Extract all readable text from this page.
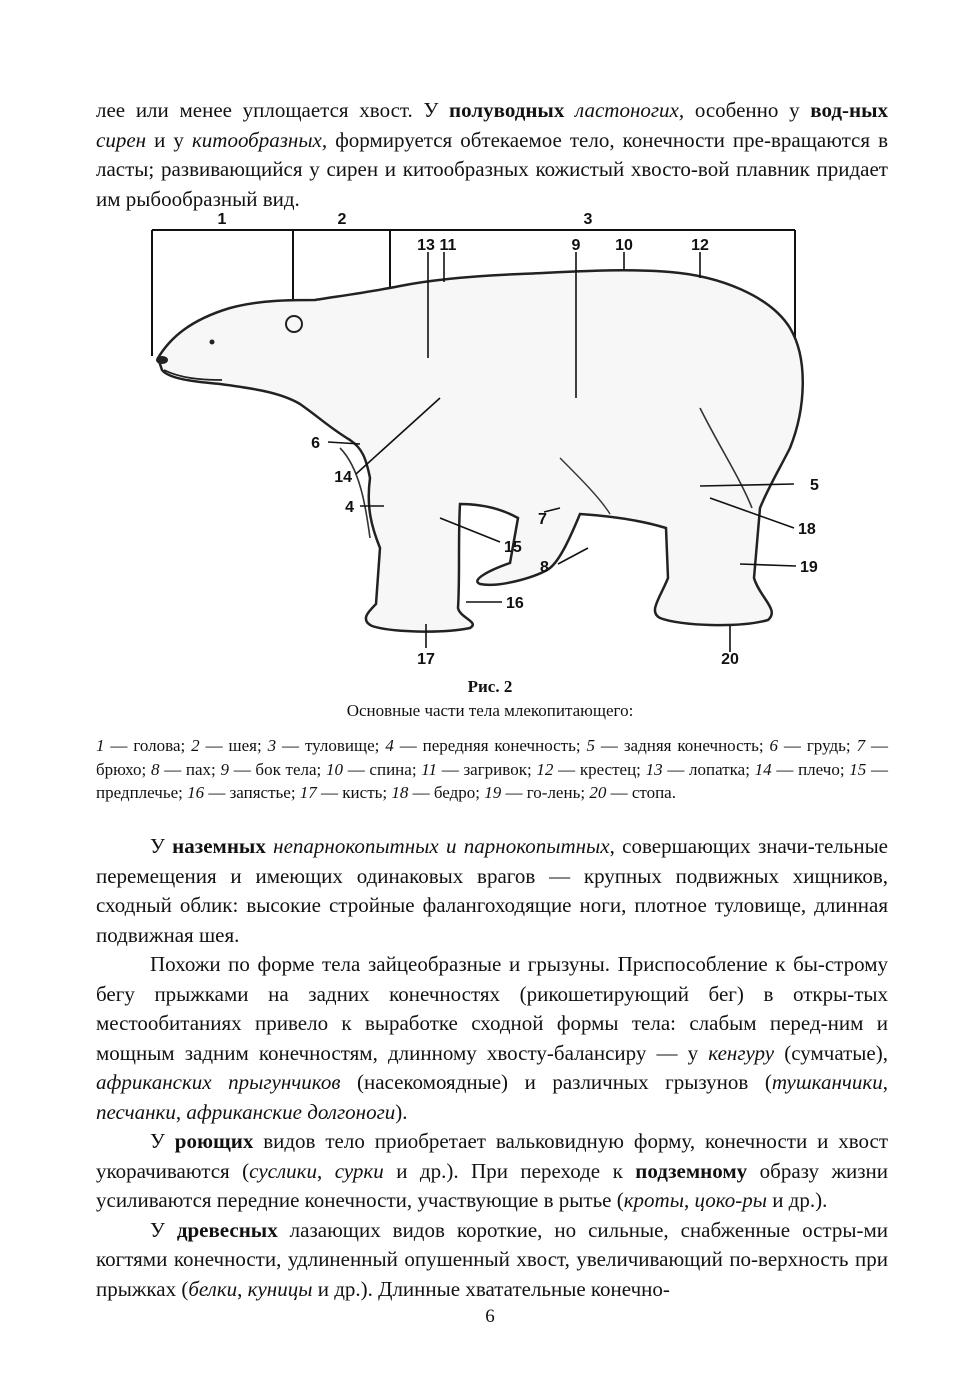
лее или менее уплощается хвост. У полуводных ластоногих, особенно у вод-ных сирен и у китообразных, формируется обтекаемое тело, конечности пре-вращаются в ласты; развивающийся у сирен и китообразных кожистый хвосто-вой плавник придает им рыбообразный вид.

1	2	3
13 11	9 10	12
6
14
4
5
18
7
15
8	19
16
17	20
Рис. 2
Основные части тела млекопитающего:
1 — голова; 2 — шея; 3 — туловище; 4 — передняя конечность; 5 — задняя конечность; 6 — грудь; 7 — брюхо; 8 — пах; 9 — бок тела; 10 — спина; 11 — загривок; 12 — крестец; 13 — лопатка; 14 — плечо; 15 — предплечье; 16 — запястье; 17 — кисть; 18 — бедро; 19 — го-лень; 20 — стопа.

У наземных непарнокопытных и парнокопытных, совершающих значи-тельные перемещения и имеющих одинаковых врагов — крупных подвижных хищников, сходный облик: высокие стройные фалангоходящие ноги, плотное туловище, длинная подвижная шея.

Похожи по форме тела зайцеобразные и грызуны. Приспособление к бы-строму бегу прыжками на задних конечностях (рикошетирующий бег) в откры-тых местообитаниях привело к выработке сходной формы тела: слабым перед-ним и мощным задним конечностям, длинному хвосту-балансиру — у кенгуру (сумчатые), африканских прыгунчиков (насекомоядные) и различных грызунов (тушканчики, песчанки, африканские долгоноги).

У роющих видов тело приобретает вальковидную форму, конечности и хвост укорачиваются (суслики, сурки и др.). При переходе к подземному образу жизни усиливаются передние конечности, участвующие в рытье (кроты, цоко-ры и др.).

У древесных лазающих видов короткие, но сильные, снабженные остры-ми когтями конечности, удлиненный опушенный хвост, увеличивающий по-верхность при прыжках (белки, куницы и др.). Длинные хватательные конечно-

6
